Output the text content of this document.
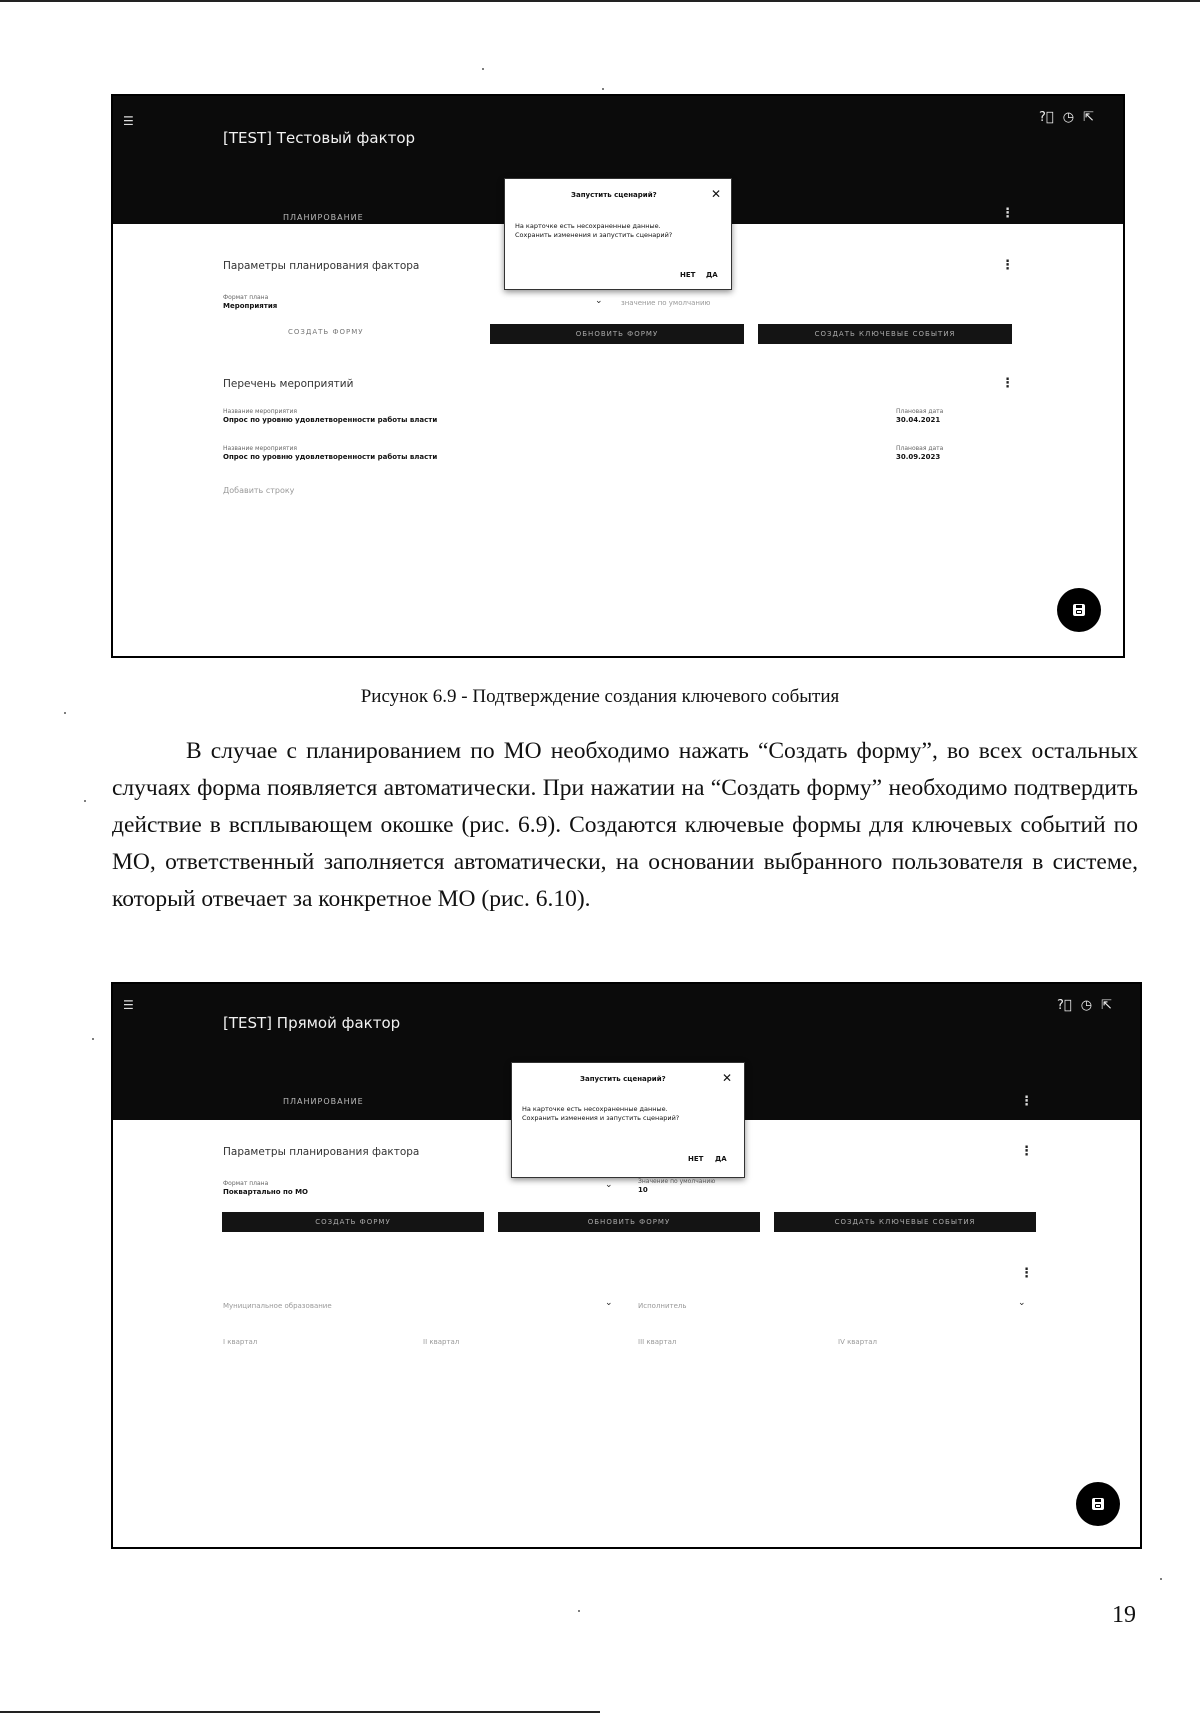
☰
[TEST] Тестовый фактор
?⃝ ◷ ⇱
ПЛАНИРОВАНИЕ	⋮
Параметры планирования фактора	⋮
Формат плана
Мероприятия	⌄	значение по умолчанию
СОЗДАТЬ ФОРМУ	ОБНОВИТЬ ФОРМУ	СОЗДАТЬ КЛЮЧЕВЫЕ СОБЫТИЯ
Перечень мероприятий	⋮
Название мероприятия
Опрос по уровню удовлетворенности работы власти
Плановая дата
30.04.2021
Название мероприятия
Опрос по уровню удовлетворенности работы власти
Плановая дата
30.09.2023
Добавить строку
Запустить сценарий?	✕
На карточке есть несохраненные данные.
Сохранить изменения и запустить сценарий?
НЕТ ДА
Рисунок 6.9 - Подтверждение создания ключевого события
В случае с планированием по МО необходимо нажать “Создать форму”, во всех остальных случаях форма появляется автоматически. При нажатии на “Создать форму” необходимо подтвердить действие в всплывающем окошке (рис. 6.9). Создаются ключевые формы для ключевых событий по МО, ответственный заполняется автоматически, на основании выбранного пользователя в системе, который отвечает за конкретное МО (рис. 6.10).
☰
[TEST] Прямой фактор
?⃝ ◷ ⇱
ПЛАНИРОВАНИЕ	⋮
Параметры планирования фактора	⋮
Формат плана
Поквартально по МО
⌄	Значение по умолчанию
10
СОЗДАТЬ ФОРМУ	ОБНОВИТЬ ФОРМУ	СОЗДАТЬ КЛЮЧЕВЫЕ СОБЫТИЯ
⋮
Муниципальное образование	⌄	Исполнитель	⌄
I квартал	II квартал	III квартал	IV квартал
Запустить сценарий?	✕
На карточке есть несохраненные данные.
Сохранить изменения и запустить сценарий?
НЕТ ДА
19
